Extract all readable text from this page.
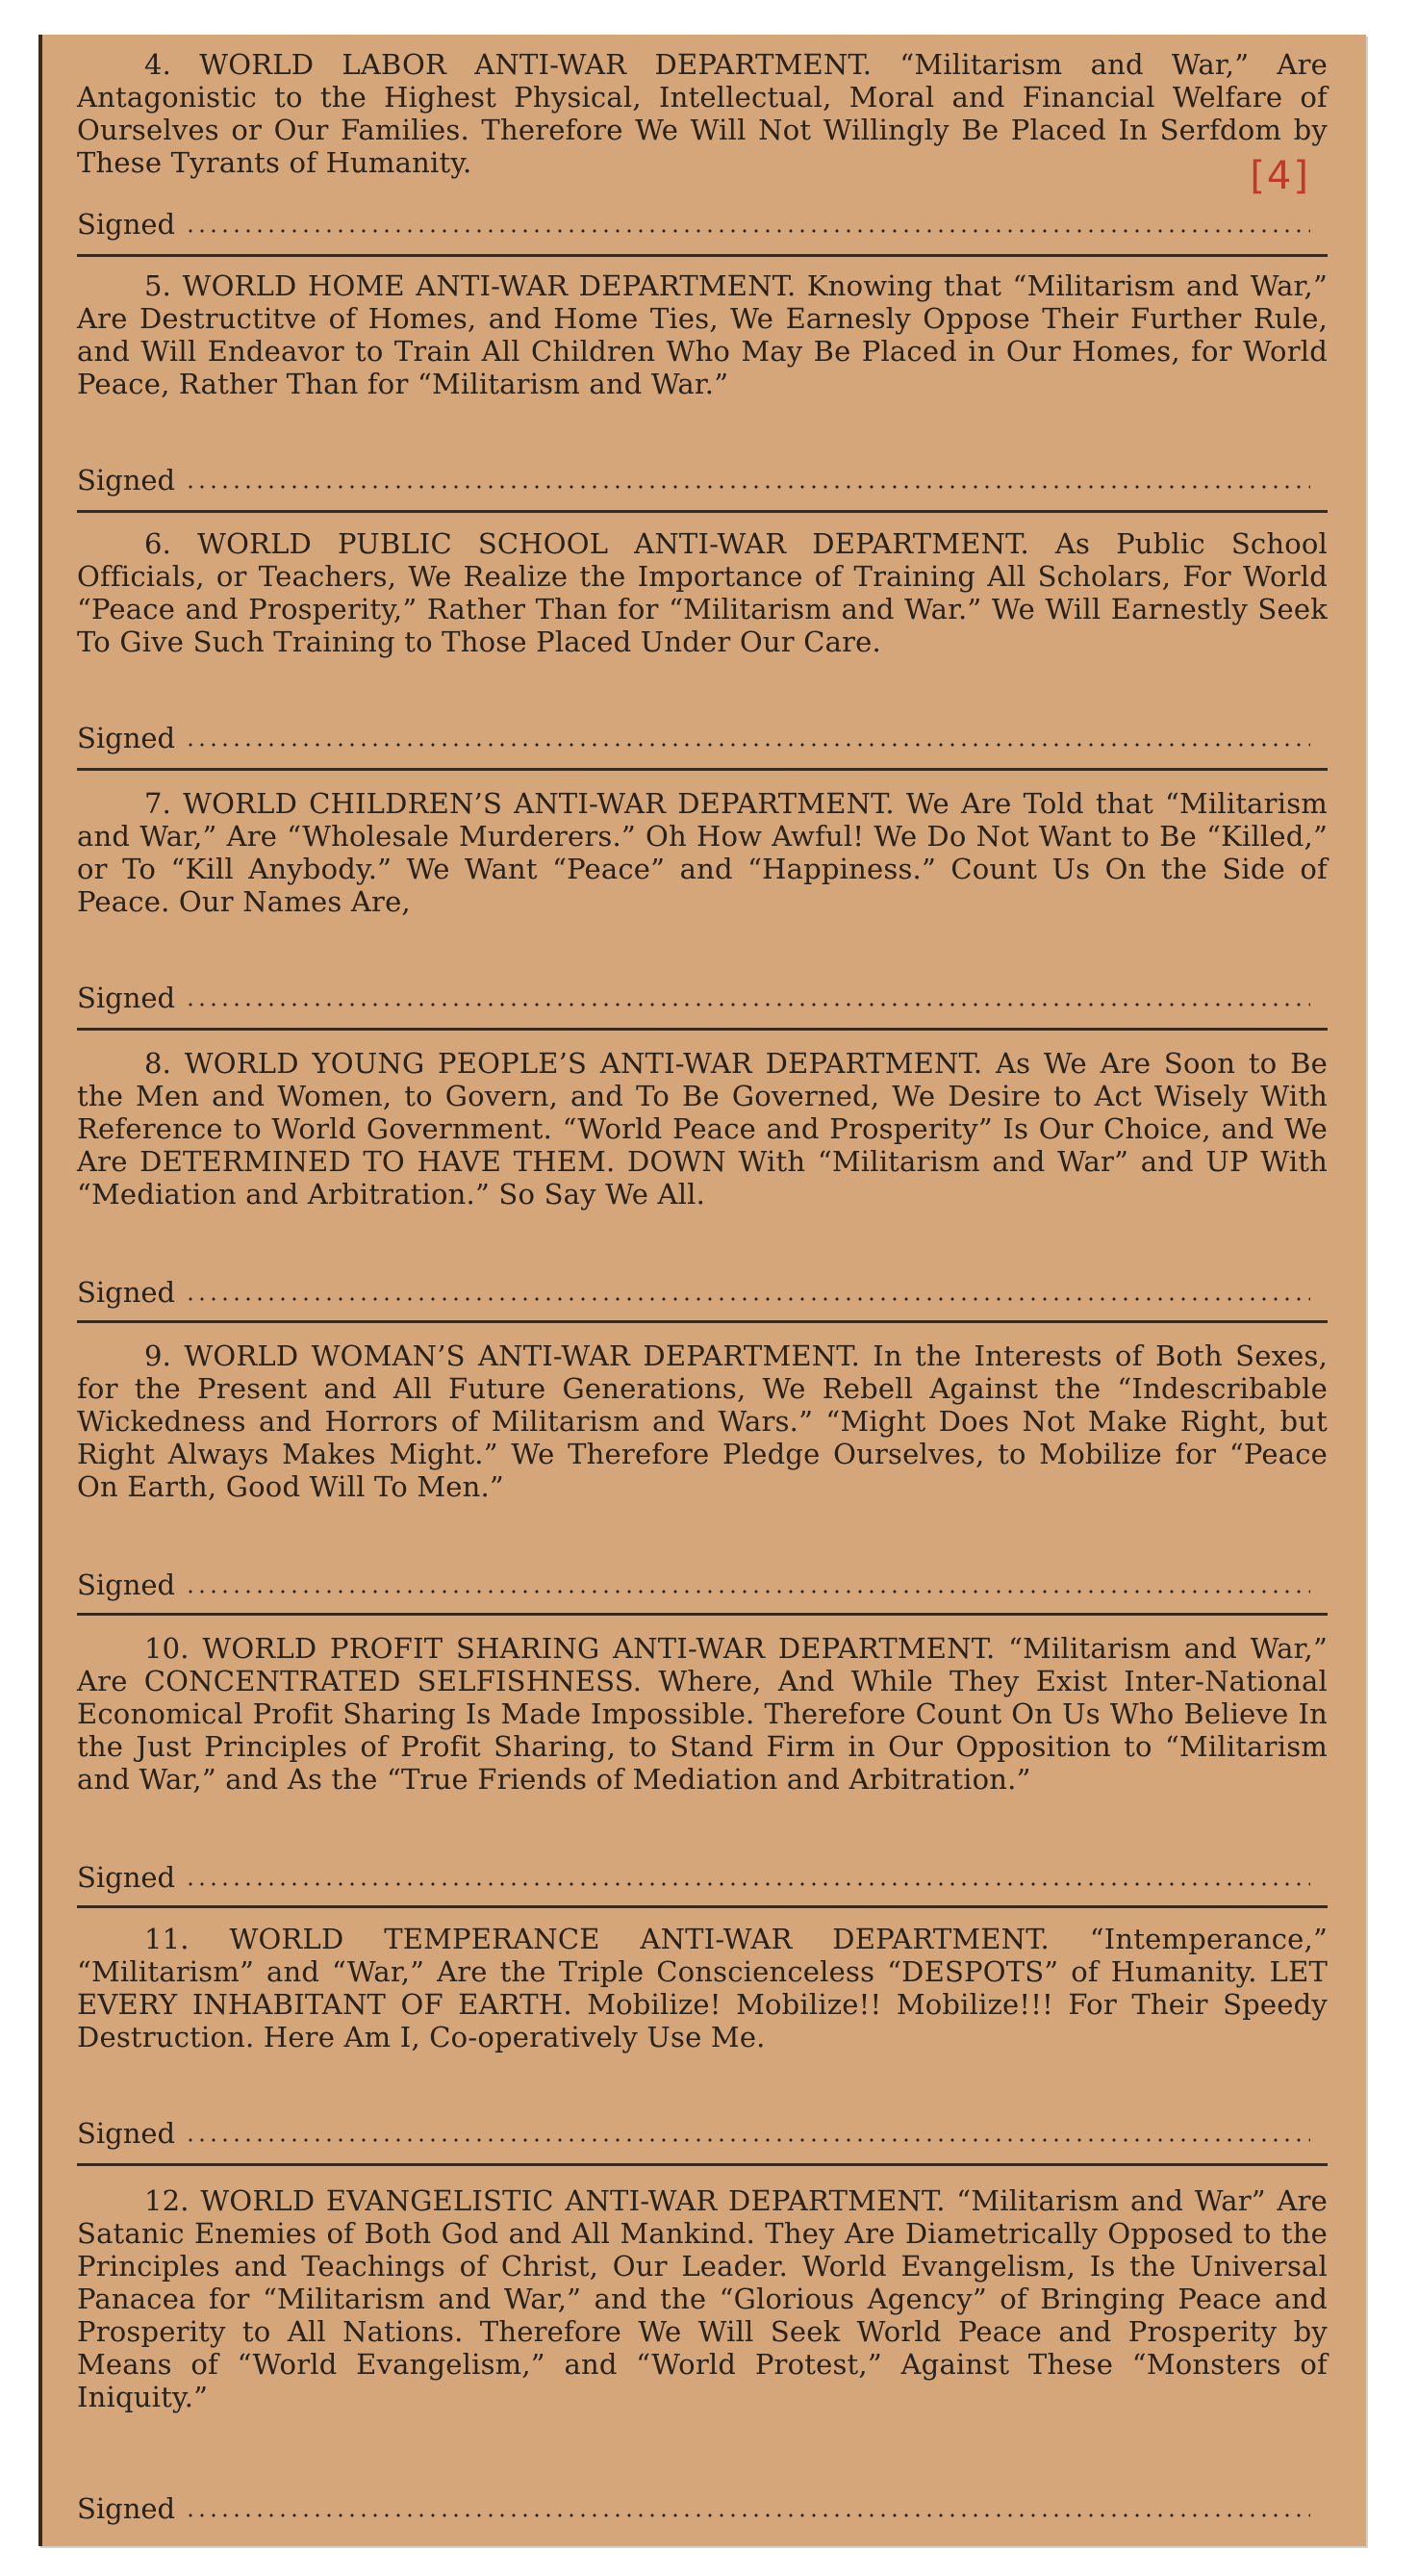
[4]

4. WORLD LABOR ANTI-WAR DEPARTMENT. “Militarism and War,” Are Antagonistic to the Highest Physical, Intellectual, Moral and Financial Welfare of Ourselves or Our Families. Therefore We Will Not Willingly Be Placed In Serfdom by These Tyrants of Humanity.

Signed

5. WORLD HOME ANTI-WAR DEPARTMENT. Knowing that “Militarism and War,” Are Destructitve of Homes, and Home Ties, We Earnesly Oppose Their Further Rule, and Will Endeavor to Train All Children Who May Be Placed in Our Homes, for World Peace, Rather Than for “Militarism and War.”

Signed

6. WORLD PUBLIC SCHOOL ANTI-WAR DEPARTMENT. As Public School Officials, or Teachers, We Realize the Importance of Training All Scholars, For World “Peace and Prosperity,” Rather Than for “Militarism and War.” We Will Earnestly Seek To Give Such Training to Those Placed Under Our Care.

Signed

7. WORLD CHILDREN’S ANTI-WAR DEPARTMENT. We Are Told that “Militarism and War,” Are “Wholesale Murderers.” Oh How Awful! We Do Not Want to Be “Killed,” or To “Kill Anybody.” We Want “Peace” and “Happiness.” Count Us On the Side of Peace. Our Names Are,

Signed

8. WORLD YOUNG PEOPLE’S ANTI-WAR DEPARTMENT. As We Are Soon to Be the Men and Women, to Govern, and To Be Governed, We Desire to Act Wisely With Reference to World Government. “World Peace and Prosperity” Is Our Choice, and We Are DETERMINED TO HAVE THEM. DOWN With “Militarism and War” and UP With “Mediation and Arbitration.” So Say We All.

Signed

9. WORLD WOMAN’S ANTI-WAR DEPARTMENT. In the Interests of Both Sexes, for the Present and All Future Generations, We Rebell Against the “Indescribable Wickedness and Horrors of Militarism and Wars.” “Might Does Not Make Right, but Right Always Makes Might.” We Therefore Pledge Ourselves, to Mobilize for “Peace On Earth, Good Will To Men.”

Signed

10. WORLD PROFIT SHARING ANTI-WAR DEPARTMENT. “Militarism and War,” Are CONCENTRATED SELFISHNESS. Where, And While They Exist Inter-National Economical Profit Sharing Is Made Impossible. Therefore Count On Us Who Believe In the Just Principles of Profit Sharing, to Stand Firm in Our Opposition to “Militarism and War,” and As the “True Friends of Mediation and Arbitration.”

Signed

11. WORLD TEMPERANCE ANTI-WAR DEPARTMENT. “Intemperance,” “Militarism” and “War,” Are the Triple Conscienceless “DESPOTS” of Humanity. LET EVERY INHABITANT OF EARTH. Mobilize! Mobilize!! Mobilize!!! For Their Speedy Destruction. Here Am I, Co-operatively Use Me.

Signed

12. WORLD EVANGELISTIC ANTI-WAR DEPARTMENT. “Militarism and War” Are Satanic Enemies of Both God and All Mankind. They Are Diametrically Opposed to the Principles and Teachings of Christ, Our Leader. World Evangelism, Is the Universal Panacea for “Militarism and War,” and the “Glorious Agency” of Bringing Peace and Prosperity to All Nations. Therefore We Will Seek World Peace and Prosperity by Means of “World Evangelism,” and “World Protest,” Against These “Monsters of Iniquity.”

Signed
